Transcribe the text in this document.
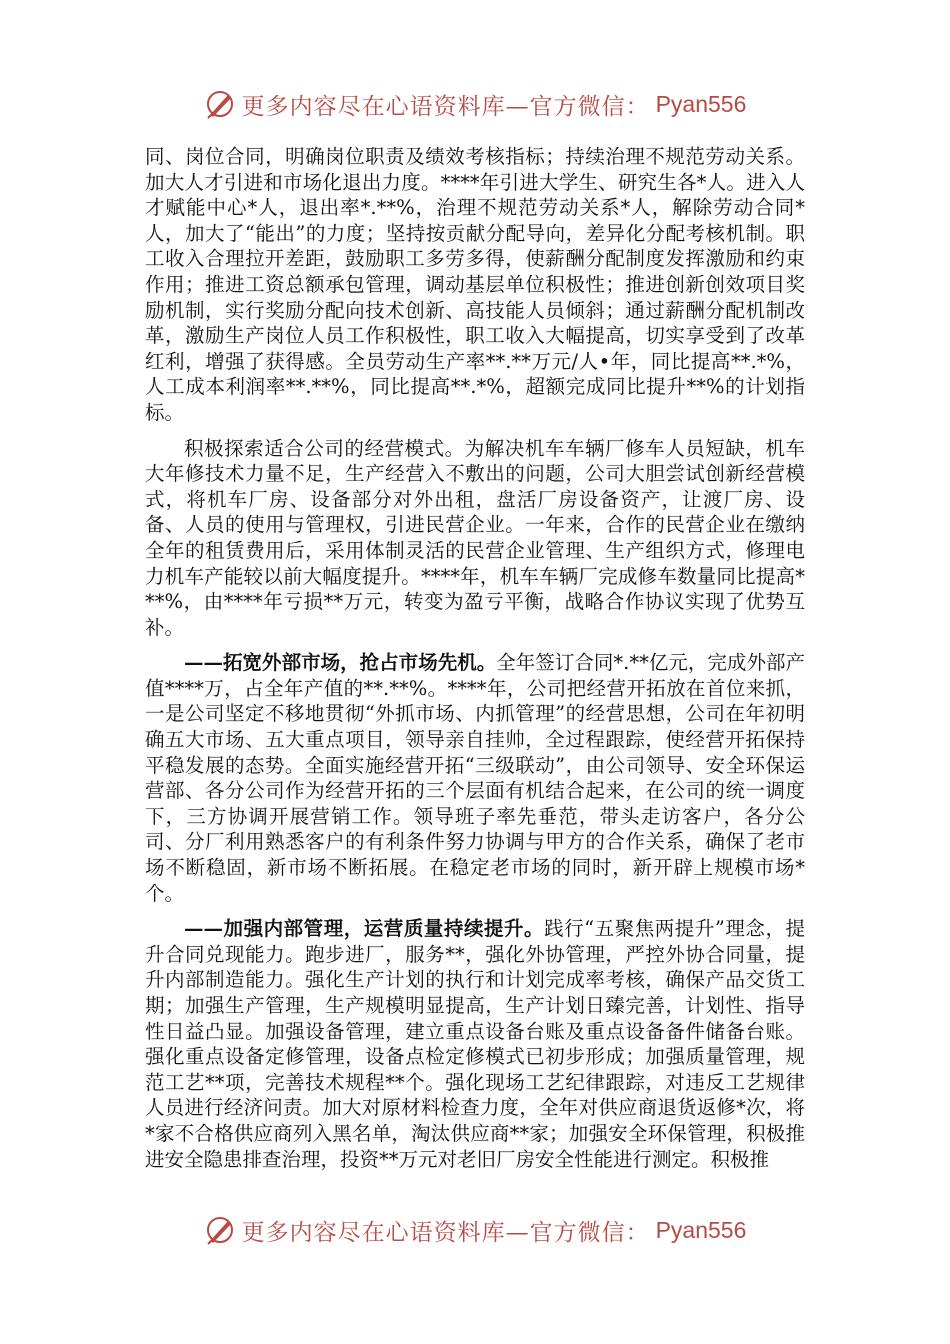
更多内容尽在心语资料库—官方微信： Pyan556

同、岗位合同，明确岗位职责及绩效考核指标；持续治理不规范劳动关系。加大人才引进和市场化退出力度。****年引进大学生、研究生各*人。进入人才赋能中心*人，退出率*.**%，治理不规范劳动关系*人，解除劳动合同*人，加大了“能出”的力度；坚持按贡献分配导向，差异化分配考核机制。职工收入合理拉开差距，鼓励职工多劳多得，使薪酬分配制度发挥激励和约束作用；推进工资总额承包管理，调动基层单位积极性；推进创新创效项目奖励机制，实行奖励分配向技术创新、高技能人员倾斜；通过薪酬分配机制改革，激励生产岗位人员工作积极性，职工收入大幅提高，切实享受到了改革红利，增强了获得感。全员劳动生产率**.**万元/人•年，同比提高**.*%，人工成本利润率**.**%，同比提高**.*%，超额完成同比提升**%的计划指标。

积极探索适合公司的经营模式。为解决机车车辆厂修车人员短缺，机车大年修技术力量不足，生产经营入不敷出的问题，公司大胆尝试创新经营模式，将机车厂房、设备部分对外出租，盘活厂房设备资产，让渡厂房、设备、人员的使用与管理权，引进民营企业。一年来，合作的民营企业在缴纳全年的租赁费用后，采用体制灵活的民营企业管理、生产组织方式，修理电力机车产能较以前大幅度提升。****年，机车车辆厂完成修车数量同比提高***%，由****年亏损**万元，转变为盈亏平衡，战略合作协议实现了优势互补。

——拓宽外部市场，抢占市场先机。全年签订合同*.**亿元，完成外部产值****万，占全年产值的**.**%。****年，公司把经营开拓放在首位来抓，一是公司坚定不移地贯彻“外抓市场、内抓管理”的经营思想，公司在年初明确五大市场、五大重点项目，领导亲自挂帅，全过程跟踪，使经营开拓保持平稳发展的态势。全面实施经营开拓“三级联动”，由公司领导、安全环保运营部、各分公司作为经营开拓的三个层面有机结合起来，在公司的统一调度下，三方协调开展营销工作。领导班子率先垂范，带头走访客户，各分公司、分厂利用熟悉客户的有利条件努力协调与甲方的合作关系，确保了老市场不断稳固，新市场不断拓展。在稳定老市场的同时，新开辟上规模市场*个。

——加强内部管理，运营质量持续提升。践行“五聚焦两提升”理念，提升合同兑现能力。跑步进厂，服务**，强化外协管理，严控外协合同量，提升内部制造能力。强化生产计划的执行和计划完成率考核，确保产品交货工期；加强生产管理，生产规模明显提高，生产计划日臻完善，计划性、指导性日益凸显。加强设备管理，建立重点设备台账及重点设备备件储备台账。强化重点设备定修管理，设备点检定修模式已初步形成；加强质量管理，规范工艺**项，完善技术规程**个。强化现场工艺纪律跟踪，对违反工艺规律人员进行经济问责。加大对原材料检查力度，全年对供应商退货返修*次，将*家不合格供应商列入黑名单，淘汰供应商**家；加强安全环保管理，积极推进安全隐患排查治理，投资**万元对老旧厂房安全性能进行测定。积极推

更多内容尽在心语资料库—官方微信： Pyan556
